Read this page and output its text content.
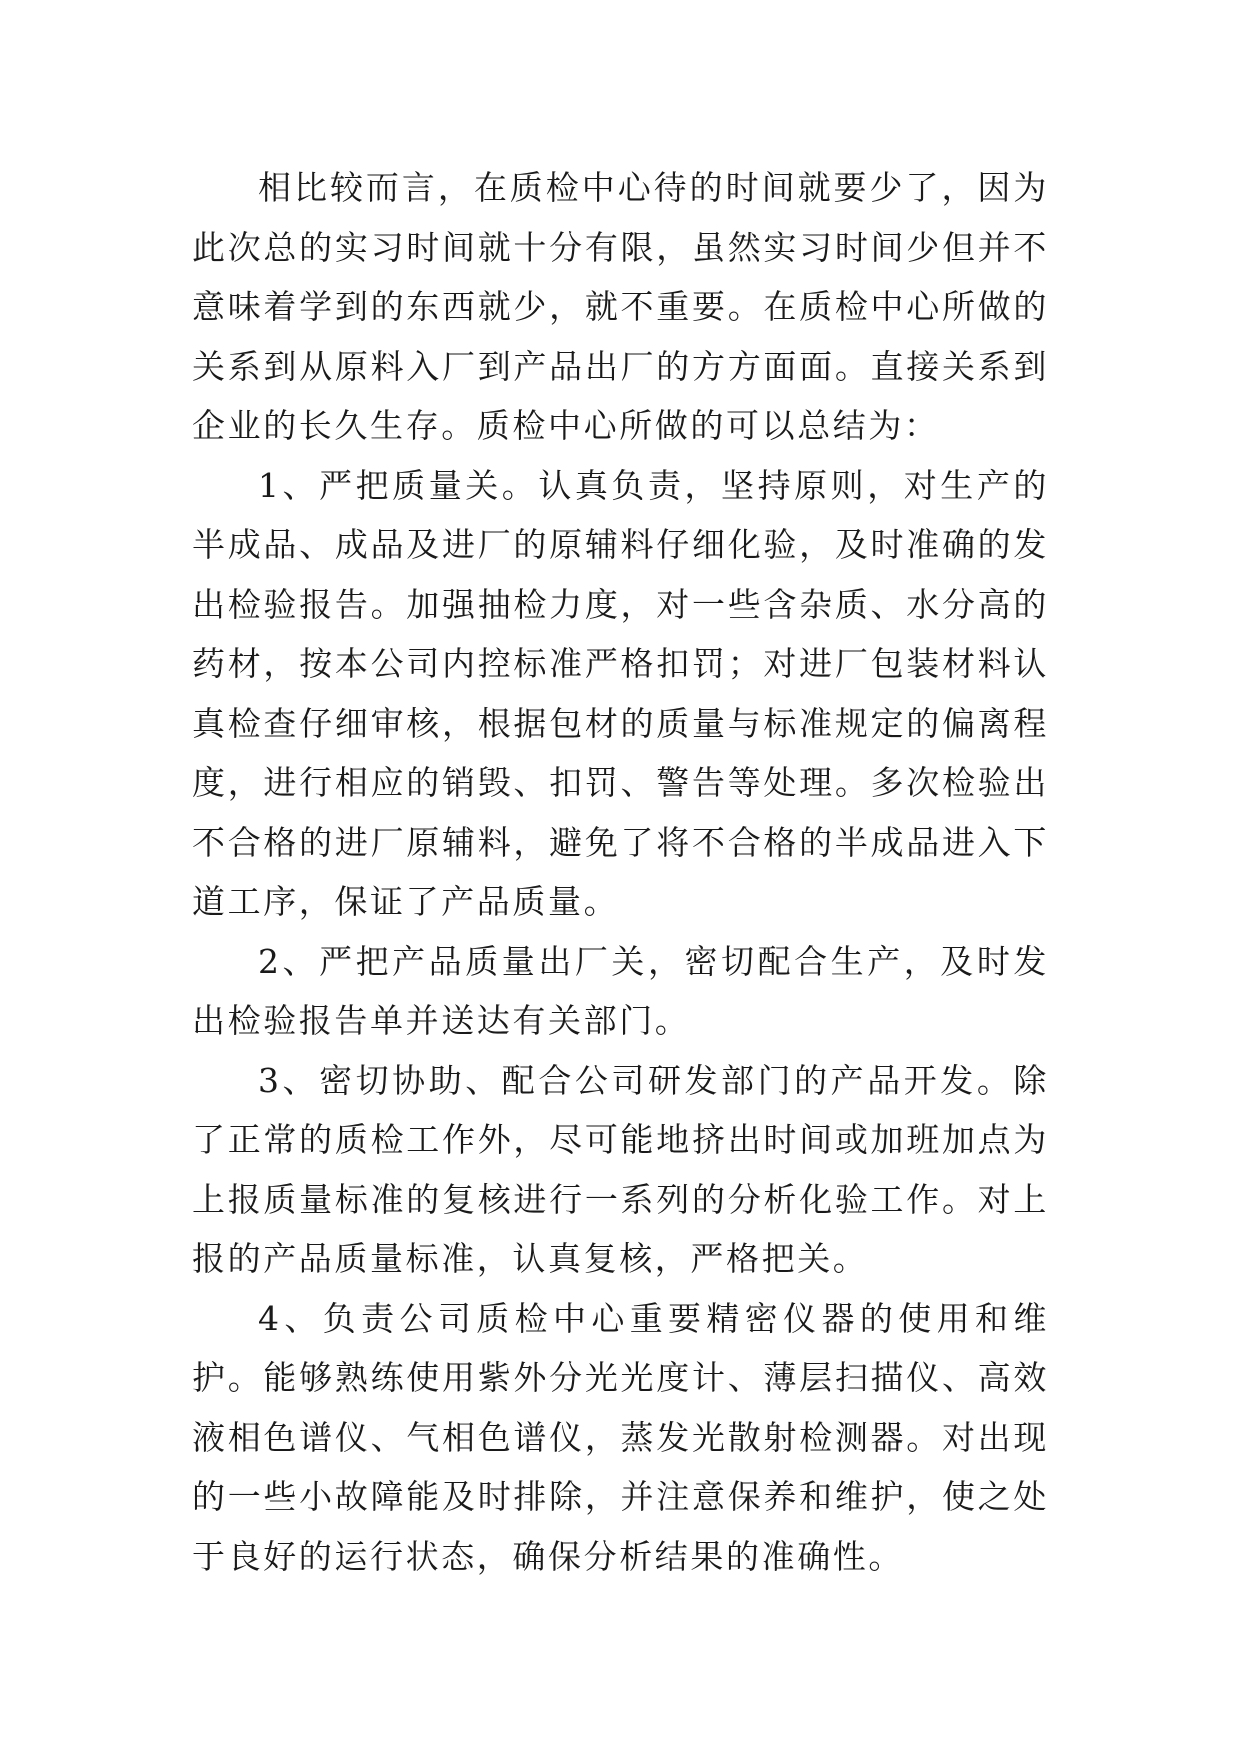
相比较而言，在质检中心待的时间就要少了，因为此次总的实习时间就十分有限，虽然实习时间少但并不意味着学到的东西就少，就不重要。在质检中心所做的关系到从原料入厂到产品出厂的方方面面。直接关系到企业的长久生存。质检中心所做的可以总结为：

1、严把质量关。认真负责，坚持原则，对生产的半成品、成品及进厂的原辅料仔细化验，及时准确的发出检验报告。加强抽检力度，对一些含杂质、水分高的药材，按本公司内控标准严格扣罚；对进厂包装材料认真检查仔细审核，根据包材的质量与标准规定的偏离程度，进行相应的销毁、扣罚、警告等处理。多次检验出不合格的进厂原辅料，避免了将不合格的半成品进入下道工序，保证了产品质量。

2、严把产品质量出厂关，密切配合生产，及时发出检验报告单并送达有关部门。

3、密切协助、配合公司研发部门的产品开发。除了正常的质检工作外，尽可能地挤出时间或加班加点为上报质量标准的复核进行一系列的分析化验工作。对上报的产品质量标准，认真复核，严格把关。

4、负责公司质检中心重要精密仪器的使用和维护。能够熟练使用紫外分光光度计、薄层扫描仪、高效液相色谱仪、气相色谱仪，蒸发光散射检测器。对出现的一些小故障能及时排除，并注意保养和维护，使之处于良好的运行状态，确保分析结果的准确性。
